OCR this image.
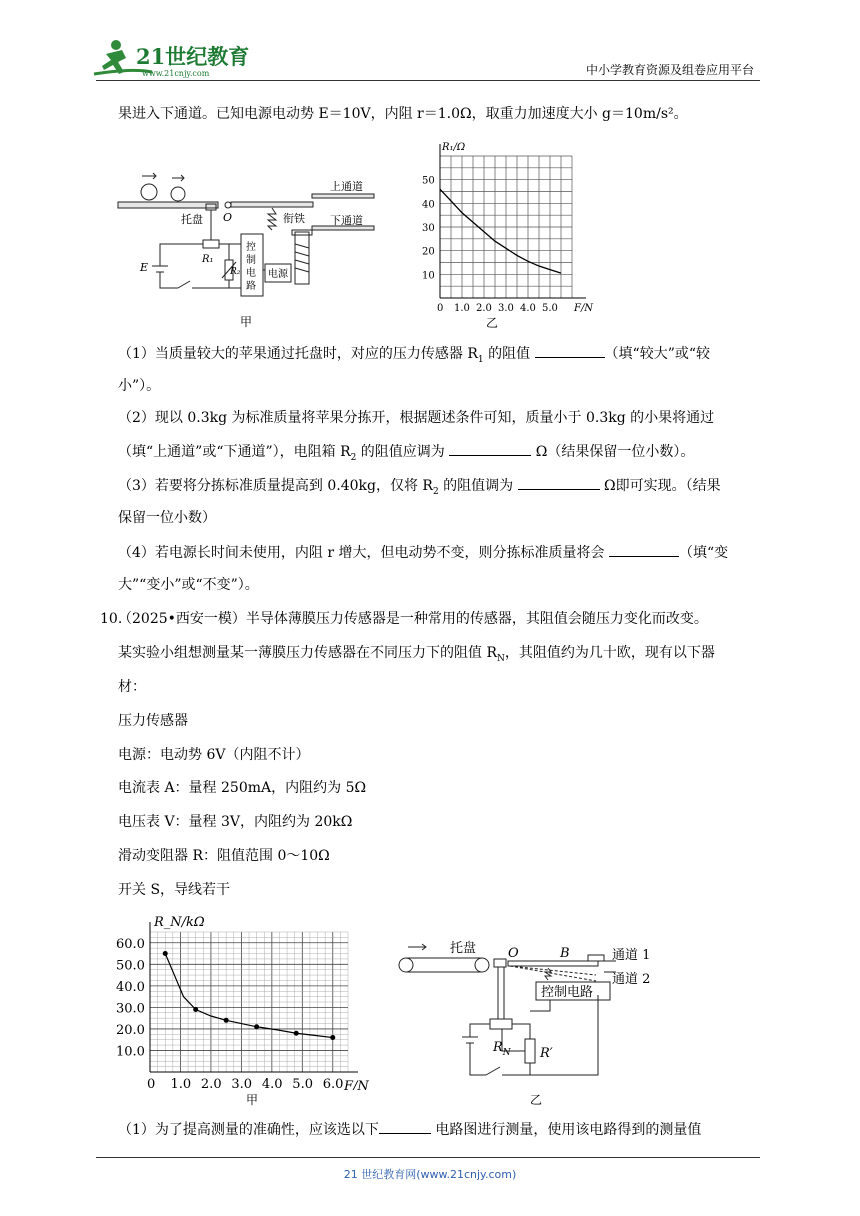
21世纪教育
www.21cnjy.com	中小学教育资源及组卷应用平台
果进入下通道。已知电源电动势 E＝10V，内阻 r＝1.0Ω，取重力加速度大小 g＝10m/s²。
托盘 O	衔铁
上通道
下通道
控
制
电
路
电源
E
R₁
R₂
甲
0 1.0 2.0 3.0 4.0 5.0
10
20
30
40
50
R₁/Ω
F/N
乙
（1）当质量较大的苹果通过托盘时，对应的压力传感器 $R_1$ 的阻值	（填“较大”或“较
小”）。
（2）现以 0.3kg 为标准质量将苹果分拣开，根据题述条件可知，质量小于 0.3kg 的小果将通过
（填“上通道”或“下通道”），电阻箱 $R_2$ 的阻值应调为	Ω（结果保留一位小数）。
（3）若要将分拣标准质量提高到 0.40kg，仅将 $R_2$ 的阻值调为	Ω即可实现。（结果
保留一位小数）
（4）若电源长时间未使用，内阻 r 增大，但电动势不变，则分拣标准质量将会	（填“变
大”“变小”或“不变”）。
10.
（2025•西安一模）半导体薄膜压力传感器是一种常用的传感器，其阻值会随压力变化而改变。
某实验小组想测量某一薄膜压力传感器在不同压力下的阻值 $R_N$，其阻值约为几十欧，现有以下器
材：
压力传感器
电源：电动势 6V（内阻不计）
电流表 A：量程 250mA，内阻约为 5Ω
电压表 V：量程 3V，内阻约为 20kΩ
滑动变阻器 R：阻值范围 0～10Ω
开关 S，导线若干
0 1.0 2.0 3.0 4.0 5.0 6.0
10.0
20.0
30.0
40.0
50.0
60.0
R_N/kΩ
F/N
甲
托盘 O	B	通道 1
通道 2
控制电路
$R_N$ R′
乙
（1）为了提高测量的准确性，应该选以下	电路图进行测量，使用该电路得到的测量值
21 世纪教育网(www.21cnjy.com)
